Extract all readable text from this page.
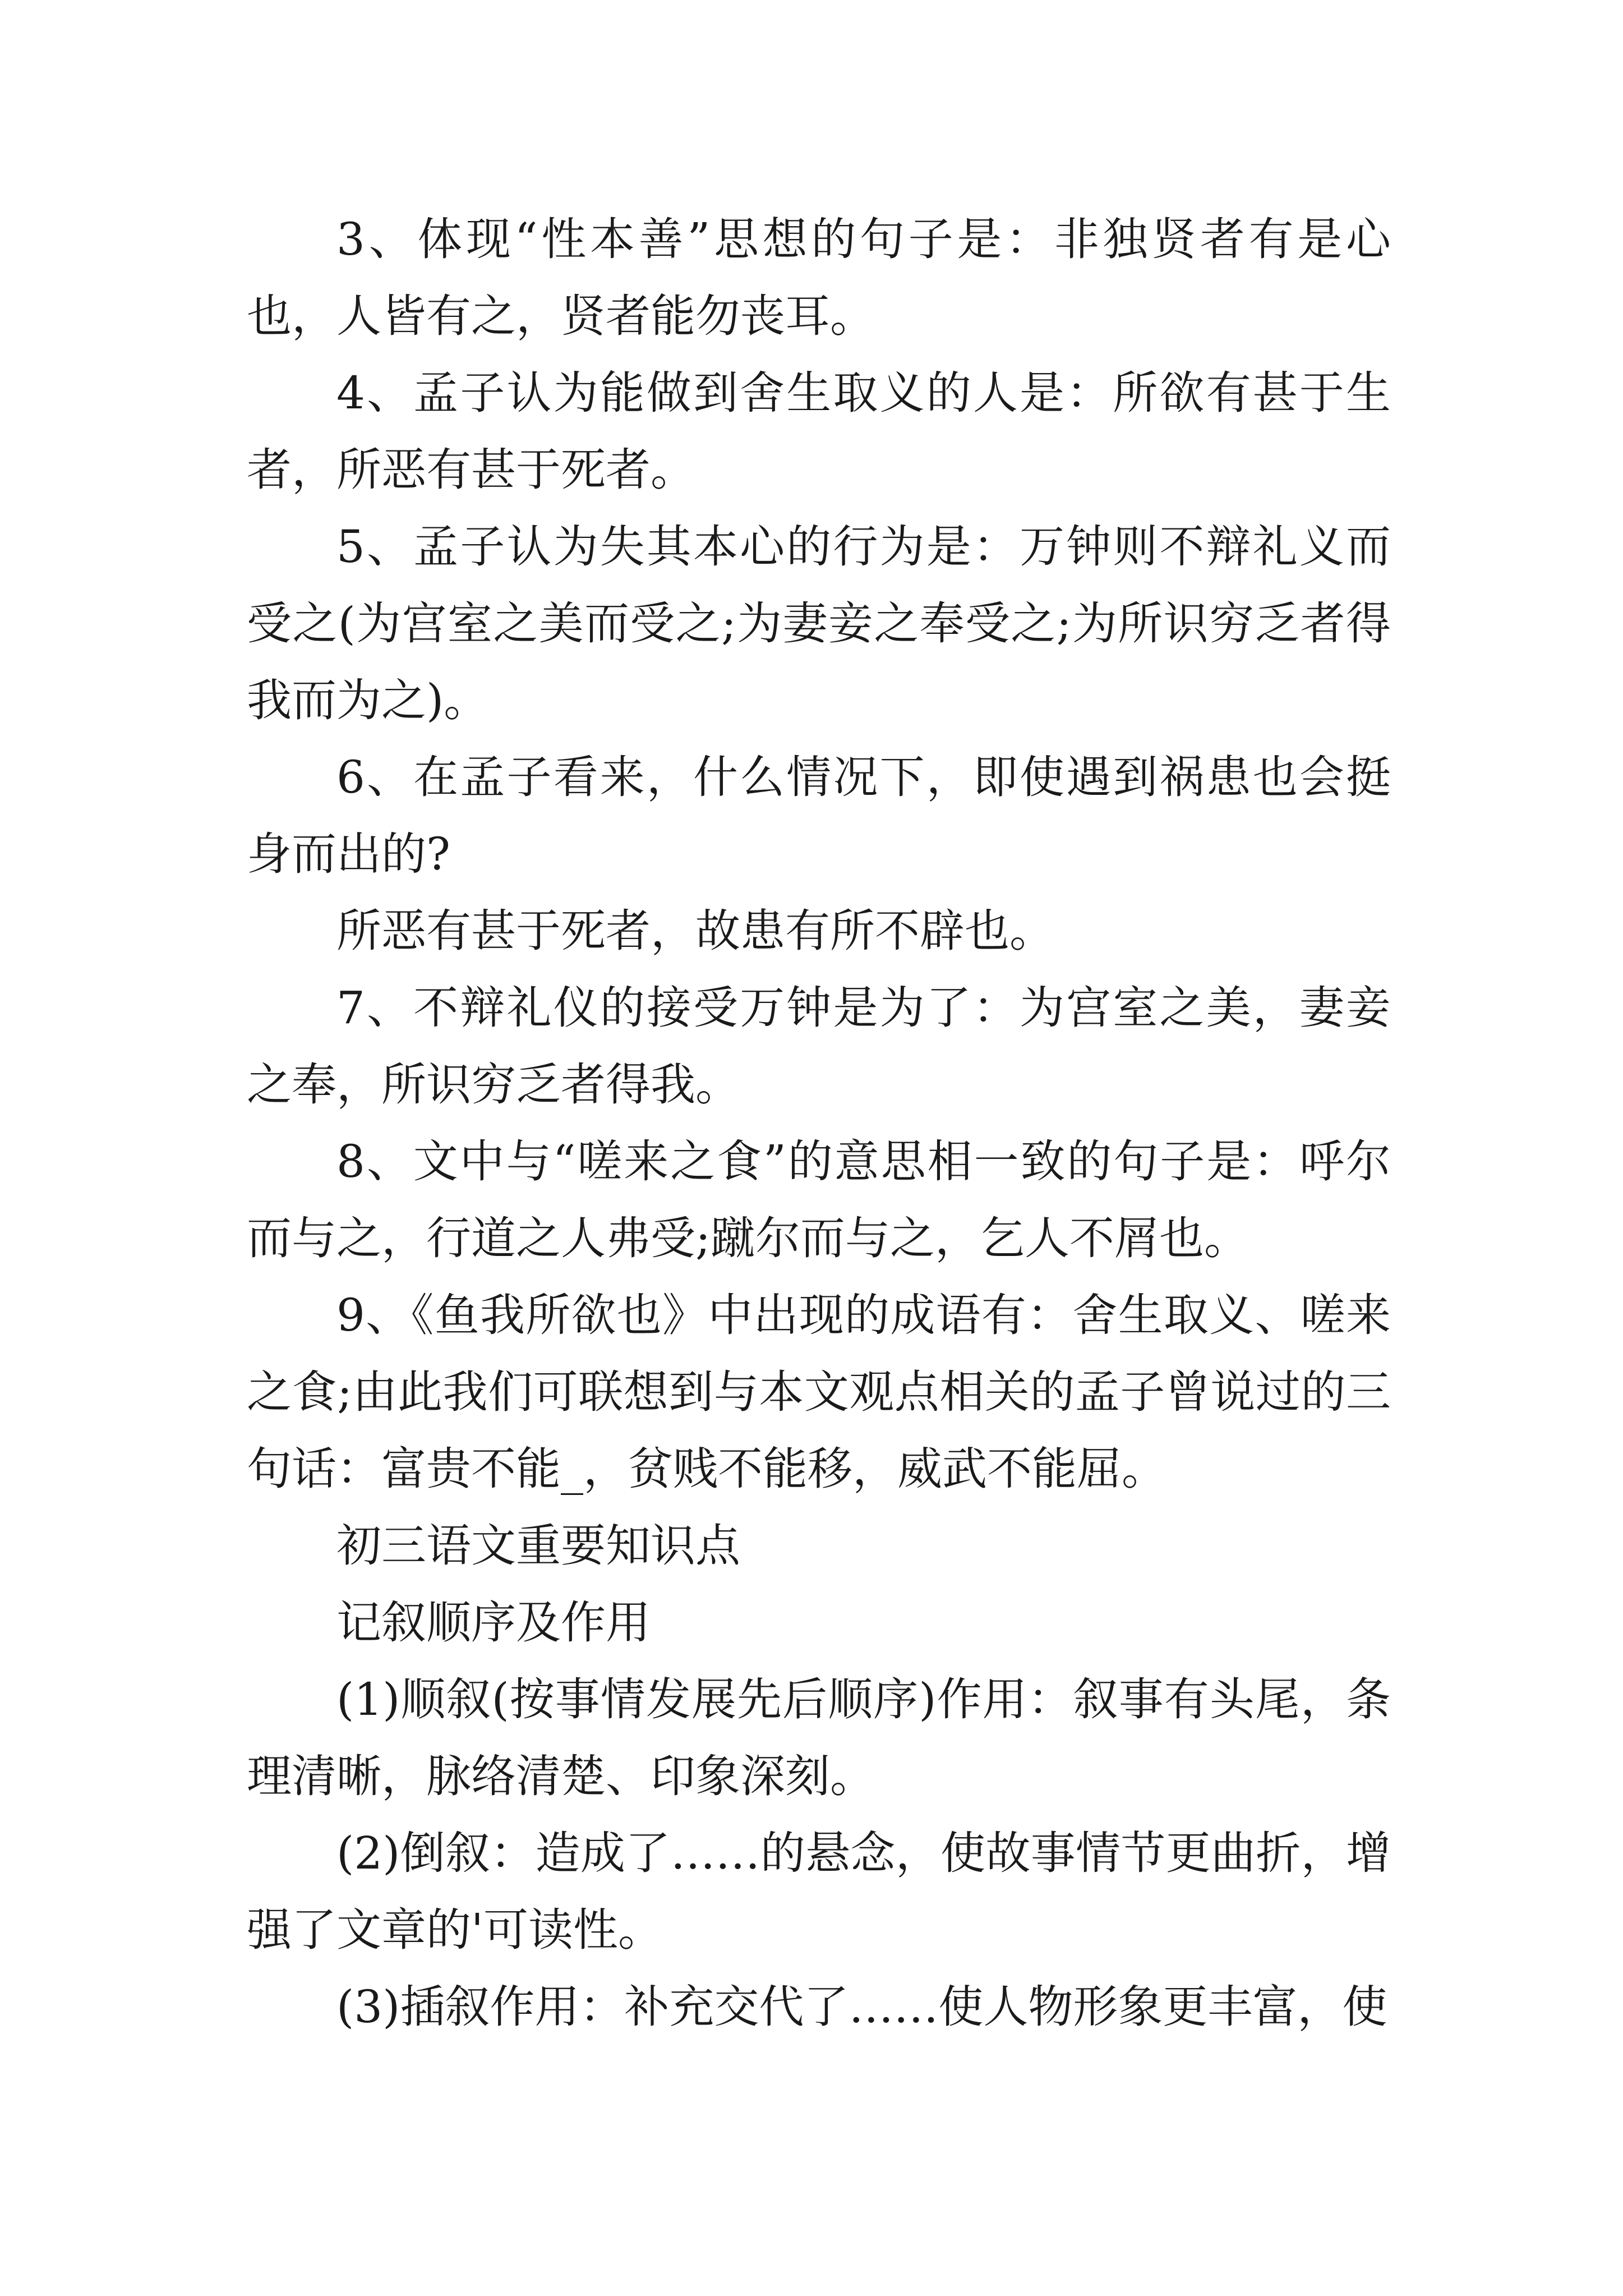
3、体现“性本善”思想的句子是：非独贤者有是心也，人皆有之，贤者能勿丧耳。

4、孟子认为能做到舍生取义的人是：所欲有甚于生者，所恶有甚于死者。

5、孟子认为失其本心的行为是：万钟则不辩礼义而受之(为宫室之美而受之;为妻妾之奉受之;为所识穷乏者得我而为之)。

6、在孟子看来，什么情况下，即使遇到祸患也会挺身而出的?

所恶有甚于死者，故患有所不辟也。

7、不辩礼仪的接受万钟是为了：为宫室之美，妻妾之奉，所识穷乏者得我。

8、文中与“嗟来之食”的意思相一致的句子是：呼尔而与之，行道之人弗受;蹴尔而与之，乞人不屑也。

9、《鱼我所欲也》中出现的成语有：舍生取义、嗟来之食;由此我们可联想到与本文观点相关的孟子曾说过的三句话：富贵不能_，贫贱不能移，威武不能屈。

初三语文重要知识点

记叙顺序及作用

(1)顺叙(按事情发展先后顺序)作用：叙事有头尾，条理清晰，脉络清楚、印象深刻。

(2)倒叙：造成了……的悬念，使故事情节更曲折，增强了文章的'可读性。

(3)插叙作用：补充交代了……使人物形象更丰富，使
